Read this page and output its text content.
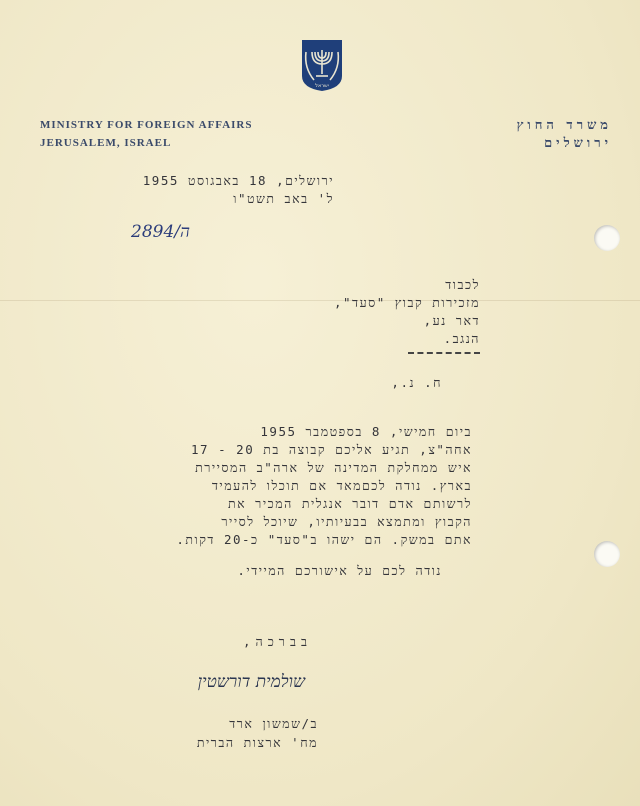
ישראל
MINISTRY FOR FOREIGN AFFAIRS
JERUSALEM, ISRAEL
משרד החוץ
ירושלים
ירושלים, 18 באבגוסט 1955
ל' באב תשט"ו
ה/2894
לכבוד
מזכירות קבוץ "סעד",
דאר נע,
הנגב.
ח. נ.,
ביום חמישי, 8 בספטמבר 1955
אחה"צ, תגיע אליכם קבוצה בת 20 - 17
איש ממחלקת המדינה של ארה"ב המסיירת
בארץ. נודה לכםמאד אם תוכלו להעמיד
לרשותם אדם דובר אנגלית המכיר את
הקבוץ ומתמצא בבעיותיו, שיוכל לסייר
אתם במשק. הם ישהו ב"סעד" כ-20 דקות.
נודה לכם על אישורכם המיידי.
בברכה,
שולמית דורשטין
ב/שמשון ארד
מח' ארצות הברית
